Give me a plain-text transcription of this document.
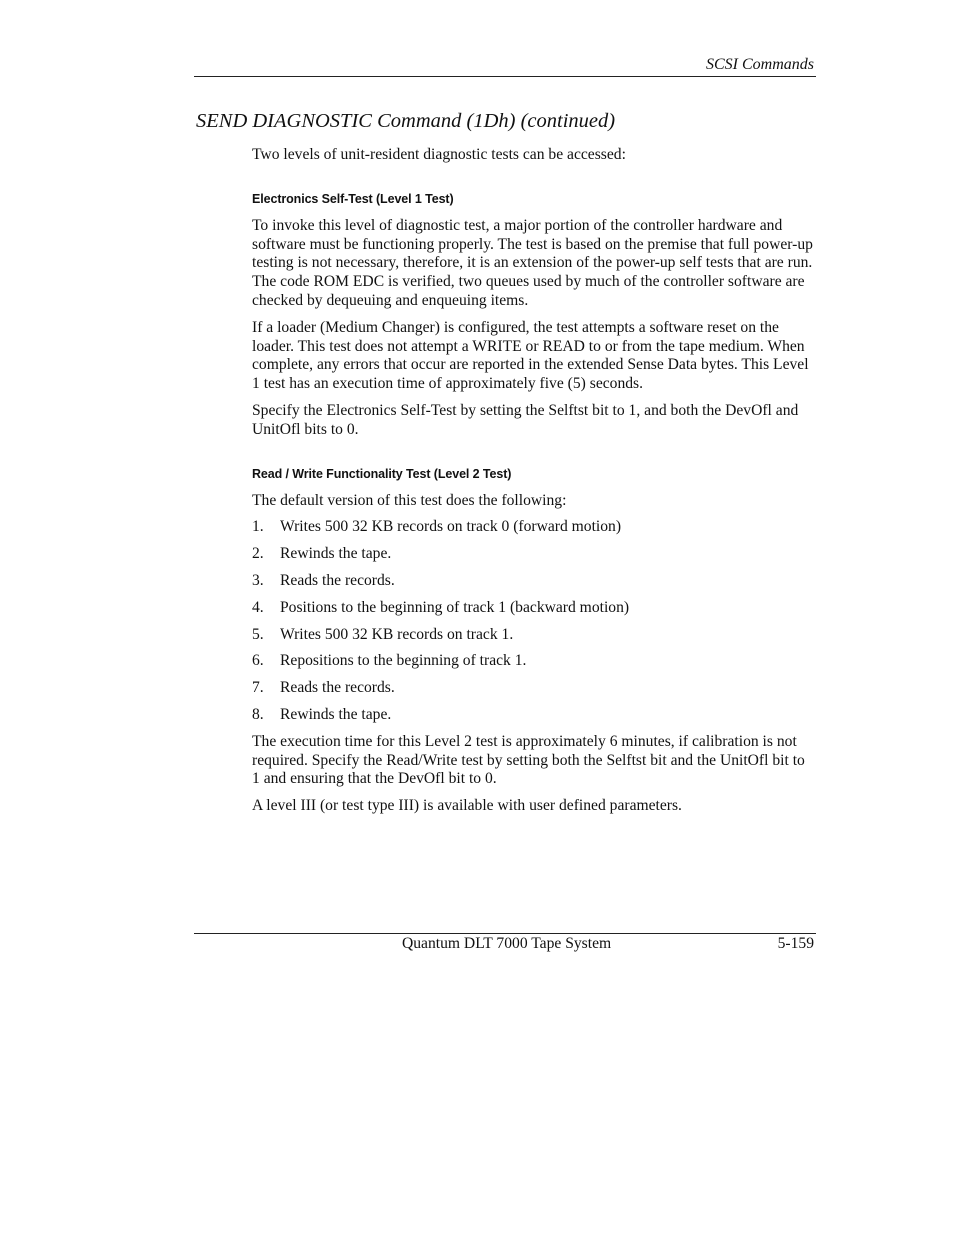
SCSI Commands
SEND DIAGNOSTIC Command (1Dh) (continued)

Two levels of unit-resident diagnostic tests can be accessed:

Electronics Self-Test (Level 1 Test)

To invoke this level of diagnostic test, a major portion of the controller hardware and software must be functioning properly. The test is based on the premise that full power-up testing is not necessary, therefore, it is an extension of the power-up self tests that are run. The code ROM EDC is verified, two queues used by much of the controller software are checked by dequeuing and enqueuing items.

If a loader (Medium Changer) is configured, the test attempts a software reset on the loader. This test does not attempt a WRITE or READ to or from the tape medium. When complete, any errors that occur are reported in the extended Sense Data bytes. This Level 1 test has an execution time of approximately five (5) seconds.

Specify the Electronics Self-Test by setting the Selftst bit to 1, and both the DevOfl and UnitOfl bits to 0.

Read / Write Functionality Test (Level 2 Test)

The default version of this test does the following:

1.	Writes 500 32 KB records on track 0 (forward motion)
2.	Rewinds the tape.
3.	Reads the records.
4.	Positions to the beginning of track 1 (backward motion)
5.	Writes 500 32 KB records on track 1.
6.	Repositions to the beginning of track 1.
7.	Reads the records.
8.	Rewinds the tape.

The execution time for this Level 2 test is approximately 6 minutes, if calibration is not required. Specify the Read/Write test by setting both the Selftst bit and the UnitOfl bit to 1 and ensuring that the DevOfl bit to 0.

A level III (or test type III) is available with user defined parameters.

Quantum DLT 7000 Tape System	5-159
